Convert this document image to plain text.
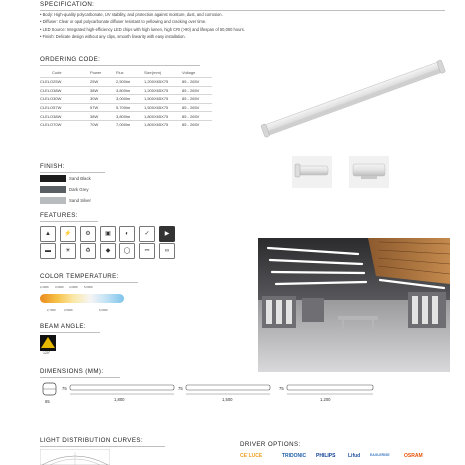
SPECIFICATION:
• Body: High-quality polycarbonate, UV stability, and protection against moisture, dust, and corrosion.
• Diffuser: Clear or opal polycarbonate diffuser resistant to yellowing and cracking over time.
• LED Source: Integrated high-efficiency LED chips with high lumen, high CRI (>90) and lifespan of 50,000 hours.
• Finish: Delicate design without any clips, smooth linearity with easy installation.
ORDERING CODE:
Code	Power	Flux	Size(mm)	Voltage
CLELO25W	25W	2,500lm	1,200X65X75	85 - 265V
CLELO38W	38W	3,800lm	1,200X65X75	85 - 265V
CLELO30W	30W	3,000lm	1,500X65X75	85 - 265V
CLELO57W	57W	5,700lm	1,500X65X75	85 - 265V
CLELO38W	38W	3,800lm	1,800X65X75	85 - 265V
CLELO70W	70W	7,000lm	1,800X65X75	85 - 265V
FINISH:
Sand Black
Dark Grey
Sand Silver
FEATURES:
▲	⚡	⚙	▣	◐	✓	▶
▬	☀	♻	◆	◯	⎓	∞
COLOR TEMPERATURE:
2,200K 3,000K 4,000K 5,000K
2,700K	3,500K	6,000K
BEAM ANGLE:
120°
DIMENSIONS (MM):
65
75
1,800
75
1,500
75
1,200
LIGHT DISTRIBUTION CURVES:
DRIVER OPTIONS:
CE´LUCE	TRIDONIC PHILIPS	Lifud	EAGLERISE	OSRAM
